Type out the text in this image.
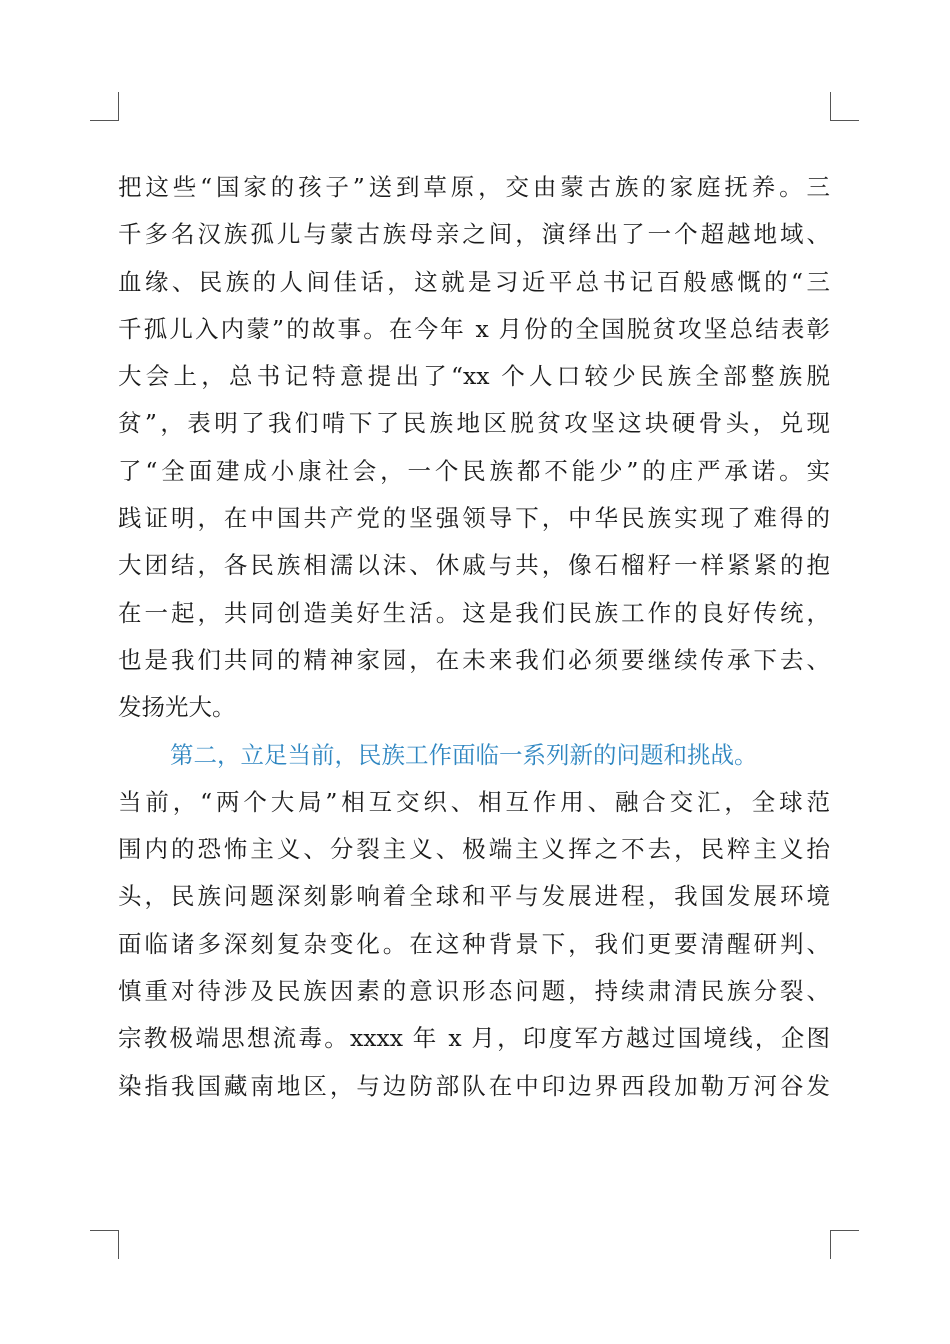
把这些“国家的孩子”送到草原，交由蒙古族的家庭抚养。三
千多名汉族孤儿与蒙古族母亲之间，演绎出了一个超越地域、
血缘、民族的人间佳话，这就是习近平总书记百般感慨的“三
千孤儿入内蒙”的故事。在今年 x 月份的全国脱贫攻坚总结表彰
大会上，总书记特意提出了“xx 个人口较少民族全部整族脱
贫”，表明了我们啃下了民族地区脱贫攻坚这块硬骨头，兑现
了“全面建成小康社会，一个民族都不能少”的庄严承诺。实
践证明，在中国共产党的坚强领导下，中华民族实现了难得的
大团结，各民族相濡以沫、休戚与共，像石榴籽一样紧紧的抱
在一起，共同创造美好生活。这是我们民族工作的良好传统，
也是我们共同的精神家园，在未来我们必须要继续传承下去、
发扬光大。
第二，立足当前，民族工作面临一系列新的问题和挑战。
当前，“两个大局”相互交织、相互作用、融合交汇，全球范
围内的恐怖主义、分裂主义、极端主义挥之不去，民粹主义抬
头，民族问题深刻影响着全球和平与发展进程，我国发展环境
面临诸多深刻复杂变化。在这种背景下，我们更要清醒研判、
慎重对待涉及民族因素的意识形态问题，持续肃清民族分裂、
宗教极端思想流毒。xxxx 年 x 月，印度军方越过国境线，企图
染指我国藏南地区，与边防部队在中印边界西段加勒万河谷发
